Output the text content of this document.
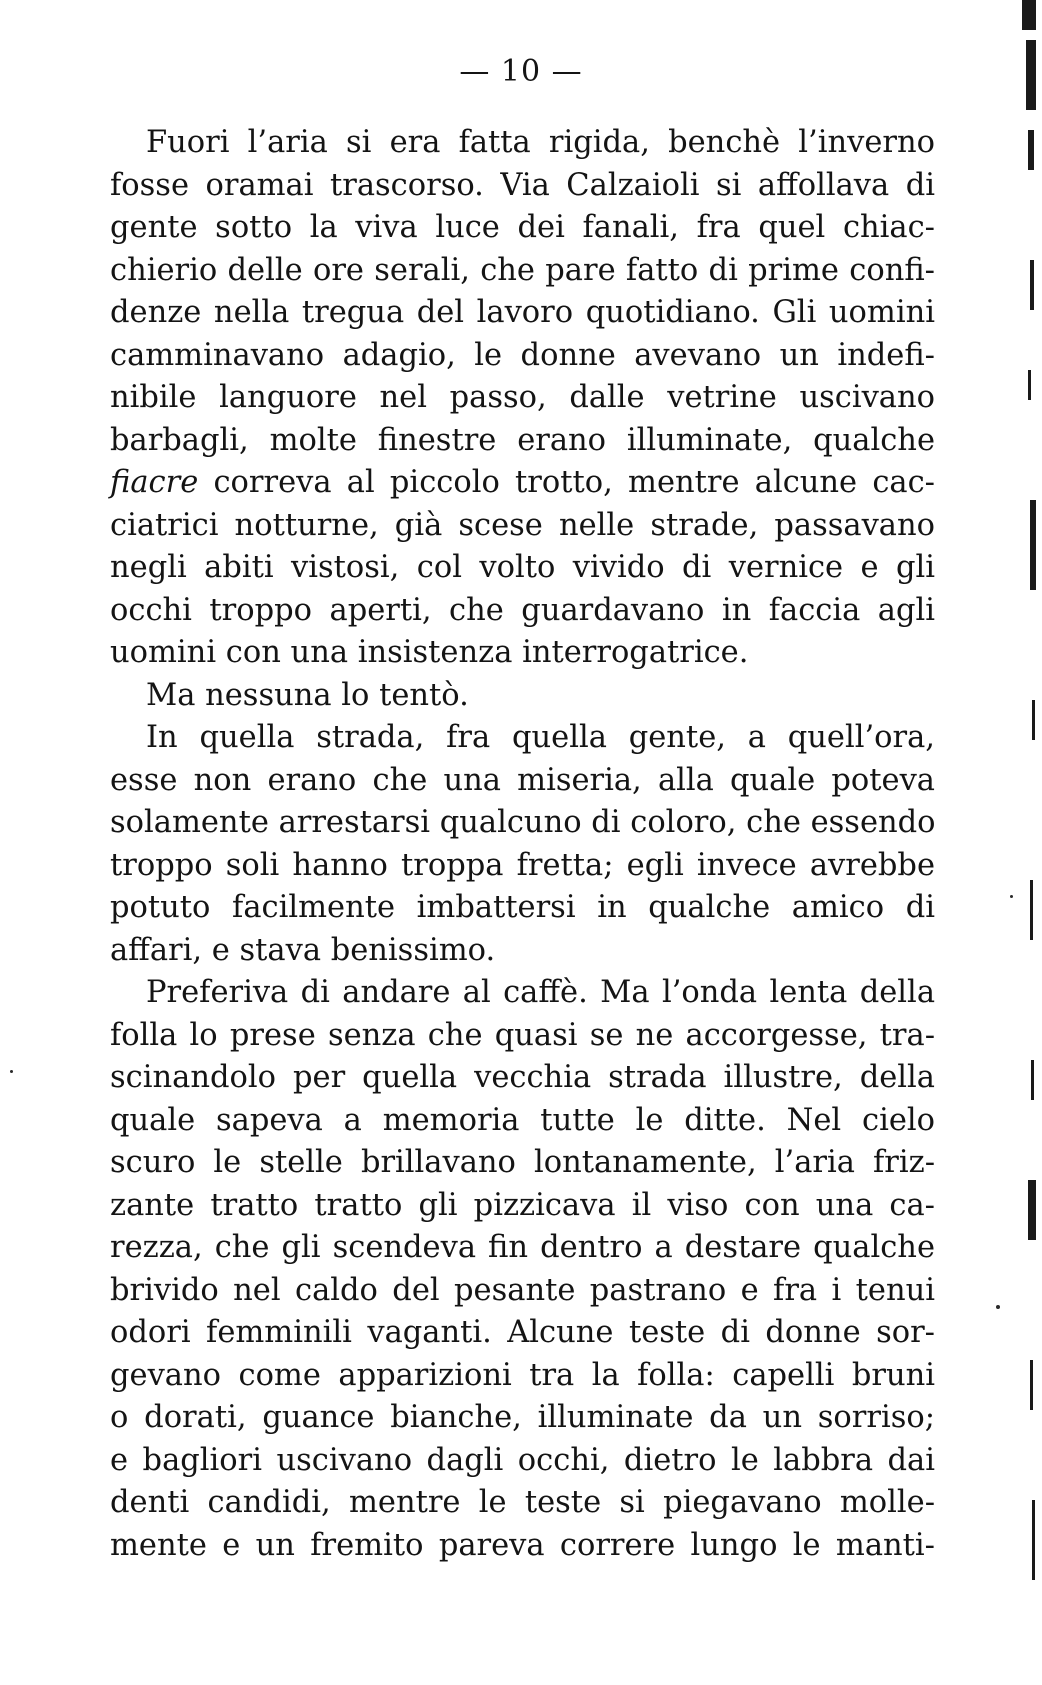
— 10 —
Fuori l’aria si era fatta rigida, benchè l’inverno
fosse oramai trascorso. Via Calzaioli si affollava di
gente sotto la viva luce dei fanali, fra quel chiac-
chierio delle ore serali, che pare fatto di prime confi-
denze nella tregua del lavoro quotidiano. Gli uomini
camminavano adagio, le donne avevano un indefi-
nibile languore nel passo, dalle vetrine uscivano
barbagli, molte finestre erano illuminate, qualche
fiacre correva al piccolo trotto, mentre alcune cac-
ciatrici notturne, già scese nelle strade, passavano
negli abiti vistosi, col volto vivido di vernice e gli
occhi troppo aperti, che guardavano in faccia agli
uomini con una insistenza interrogatrice.
Ma nessuna lo tentò.
In quella strada, fra quella gente, a quell’ora,
esse non erano che una miseria, alla quale poteva
solamente arrestarsi qualcuno di coloro, che essendo
troppo soli hanno troppa fretta; egli invece avrebbe
potuto facilmente imbattersi in qualche amico di
affari, e stava benissimo.
Preferiva di andare al caffè. Ma l’onda lenta della
folla lo prese senza che quasi se ne accorgesse, tra-
scinandolo per quella vecchia strada illustre, della
quale sapeva a memoria tutte le ditte. Nel cielo
scuro le stelle brillavano lontanamente, l’aria friz-
zante tratto tratto gli pizzicava il viso con una ca-
rezza, che gli scendeva fin dentro a destare qualche
brivido nel caldo del pesante pastrano e fra i tenui
odori femminili vaganti. Alcune teste di donne sor-
gevano come apparizioni tra la folla: capelli bruni
o dorati, guance bianche, illuminate da un sorriso;
e bagliori uscivano dagli occhi, dietro le labbra dai
denti candidi, mentre le teste si piegavano molle-
mente e un fremito pareva correre lungo le manti-
